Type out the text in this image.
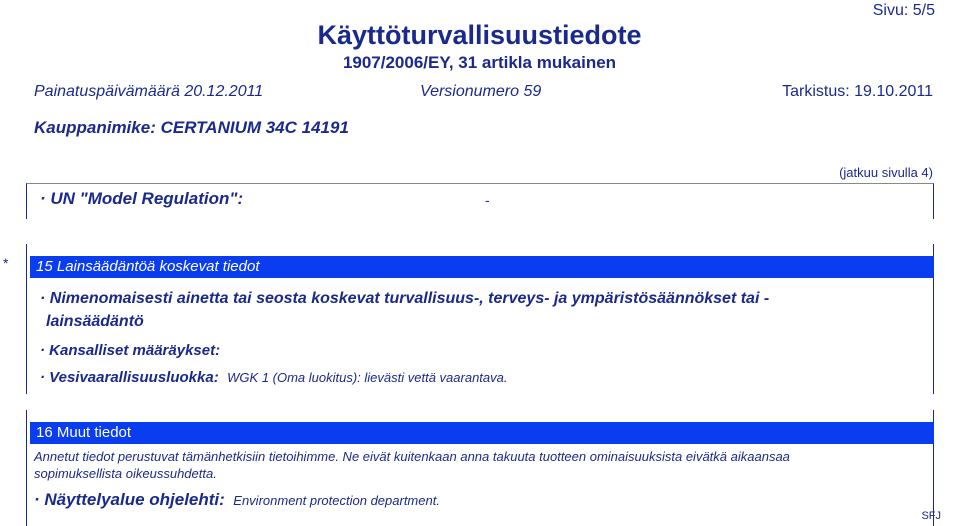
Sivu: 5/5
Käyttöturvallisuustiedote
1907/2006/EY, 31 artikla mukainen
Painatuspäivämäärä 20.12.2011	Versionumero 59	Tarkistus: 19.10.2011
Kauppanimike: CERTANIUM 34C 14191
(jatkuu sivulla 4)
· UN "Model Regulation":	-
*	15 Lainsäädäntöä koskevat tiedot
· Nimenomaisesti ainetta tai seosta koskevat turvallisuus-, terveys- ja ympäristösäännökset tai -
lainsäädäntö
· Kansalliset määräykset:
· Vesivaarallisuusluokka: WGK 1 (Oma luokitus): lievästi vettä vaarantava.
16 Muut tiedot
Annetut tiedot perustuvat tämänhetkisiin tietoihimme. Ne eivät kuitenkaan anna takuuta tuotteen ominaisuuksista eivätkä aikaansaa
sopimuksellista oikeussuhdetta.
· Näyttelyalue ohjelehti: Environment protection department.
SFJ
